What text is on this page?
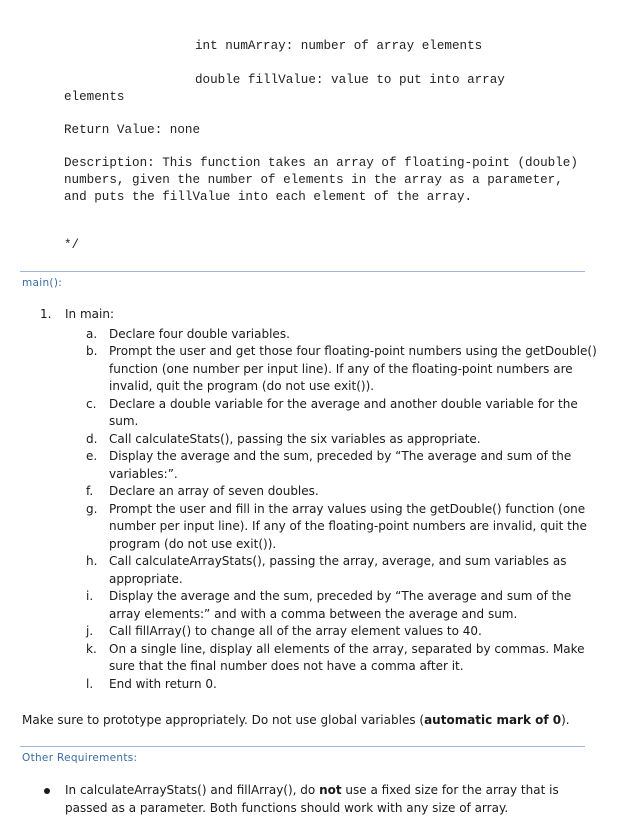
int numArray: number of array elements
double fillValue: value to put into array
elements
Return Value: none
Description: This function takes an array of floating-point (double) numbers, given the number of elements in the array as a parameter, and puts the fillValue into each element of the array.
*/
main():
1. In main:
a. Declare four double variables.
b. Prompt the user and get those four floating-point numbers using the getDouble() function (one number per input line). If any of the floating-point numbers are invalid, quit the program (do not use exit()).
c. Declare a double variable for the average and another double variable for the sum.
d. Call calculateStats(), passing the six variables as appropriate.
e. Display the average and the sum, preceded by “The average and sum of the variables:”.
f. Declare an array of seven doubles.
g. Prompt the user and fill in the array values using the getDouble() function (one number per input line). If any of the floating-point numbers are invalid, quit the program (do not use exit()).
h. Call calculateArrayStats(), passing the array, average, and sum variables as appropriate.
i. Display the average and the sum, preceded by “The average and sum of the array elements:” and with a comma between the average and sum.
j. Call fillArray() to change all of the array element values to 40.
k. On a single line, display all elements of the array, separated by commas. Make sure that the final number does not have a comma after it.
l. End with return 0.
Make sure to prototype appropriately. Do not use global variables (automatic mark of 0).
Other Requirements:
In calculateArrayStats() and fillArray(), do not use a fixed size for the array that is passed as a parameter. Both functions should work with any size of array.
